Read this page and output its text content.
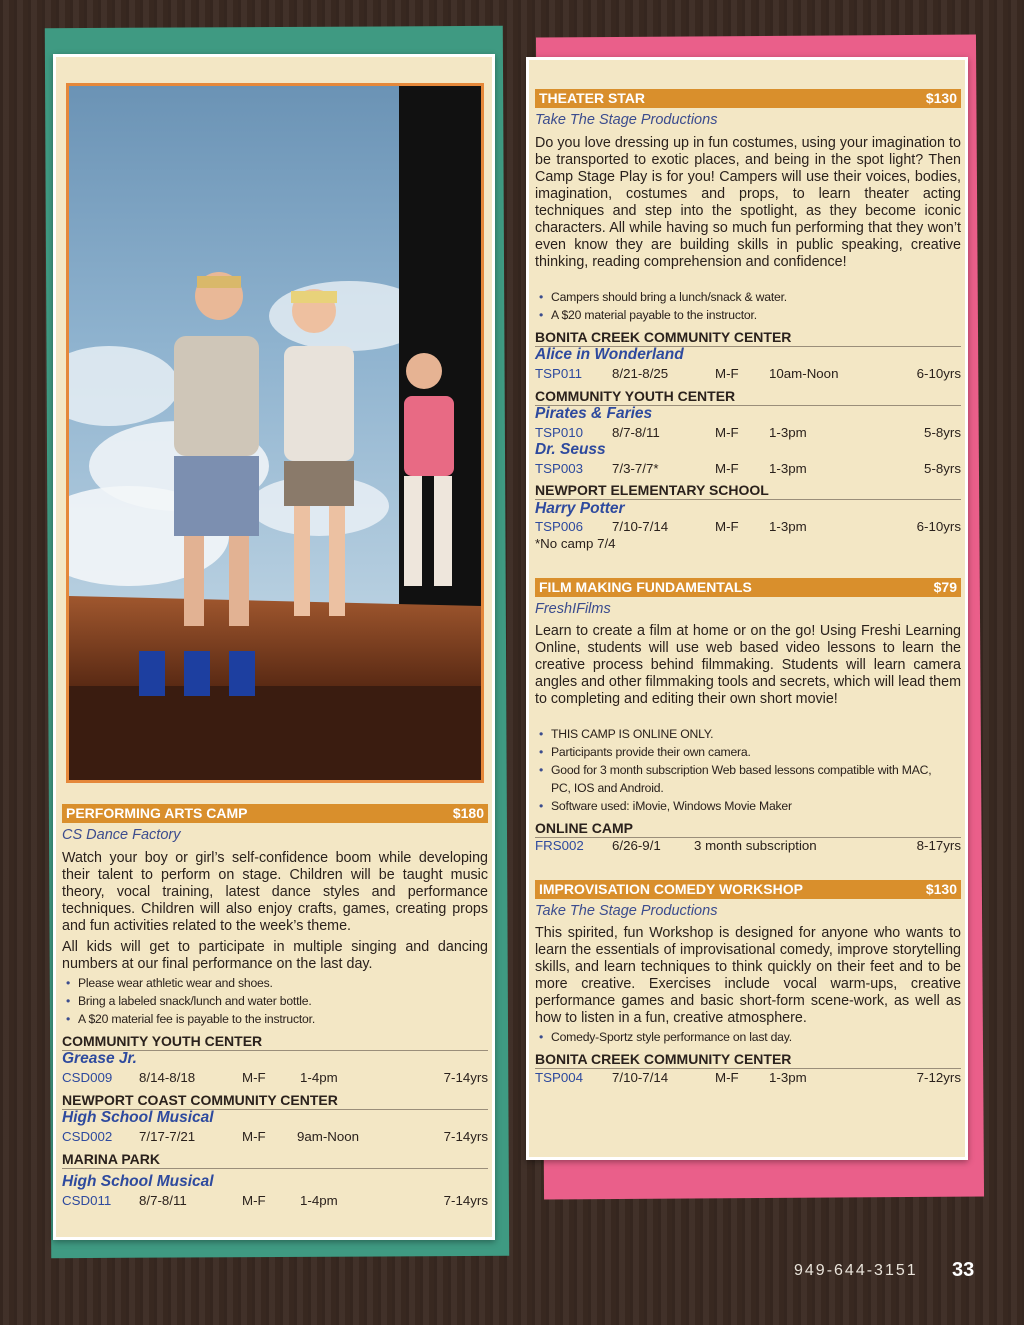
PERFORMING ARTS CAMP	$180
CS Dance Factory
Watch your boy or girl’s self-confidence boom while developing their talent to perform on stage. Children will be taught music theory, vocal training, latest dance styles and performance techniques. Children will also enjoy crafts, games, creating props and fun activities related to the week’s theme.
All kids will get to participate in multiple singing and dancing numbers at our final performance on the last day.
• Please wear athletic wear and shoes.
• Bring a labeled snack/lunch and water bottle.
• A $20 material fee is payable to the instructor.
COMMUNITY YOUTH CENTER
Grease Jr.
CSD009 8/14-8/18	M-F	1-4pm	7-14yrs
NEWPORT COAST COMMUNITY CENTER
High School Musical
CSD002 7/17-7/21	M-F 9am-Noon	7-14yrs
MARINA PARK
High School Musical
CSD011 8/7-8/11	M-F	1-4pm	7-14yrs
THEATER STAR	$130
Take The Stage Productions
Do you love dressing up in fun costumes, using your imagination to be transported to exotic places, and being in the spot light? Then Camp Stage Play is for you! Campers will use their voices, bodies, imagination, costumes and props, to learn theater acting techniques and step into the spotlight, as they become iconic characters. All while having so much fun performing that they won’t even know they are building skills in public speaking, creative thinking, reading comprehension and confidence!
• Campers should bring a lunch/snack & water.
• A $20 material payable to the instructor.
BONITA CREEK COMMUNITY CENTER
Alice in Wonderland
TSP011 8/21-8/25	M-F 10am-Noon	6-10yrs
COMMUNITY YOUTH CENTER
Pirates & Faries
TSP010 8/7-8/11	M-F 1-3pm	5-8yrs
Dr. Seuss
TSP003 7/3-7/7*	M-F 1-3pm	5-8yrs
NEWPORT ELEMENTARY SCHOOL
Harry Potter
TSP006 7/10-7/14	M-F 1-3pm	6-10yrs
*No camp 7/4
FILM MAKING FUNDAMENTALS	$79
FreshIFilms
Learn to create a film at home or on the go! Using Freshi Learning Online, students will use web based video lessons to learn the creative process behind filmmaking. Students will learn camera angles and other filmmaking tools and secrets, which will lead them to completing and editing their own short movie!
• THIS CAMP IS ONLINE ONLY.
• Participants provide their own camera.
• Good for 3 month subscription Web based lessons compatible with MAC, PC, IOS and Android.
• Software used: iMovie, Windows Movie Maker
ONLINE CAMP
FRS002 6/26-9/1 3 month subscription	8-17yrs
IMPROVISATION COMEDY WORKSHOP	$130
Take The Stage Productions
This spirited, fun Workshop is designed for anyone who wants to learn the essentials of improvisational comedy, improve storytelling skills, and learn techniques to think quickly on their feet and to be more creative. Exercises include vocal warm-ups, creative performance games and basic short-form scene-work, as well as how to listen in a fun, creative atmosphere.
• Comedy-Sportz style performance on last day.
BONITA CREEK COMMUNITY CENTER
TSP004 7/10-7/14	M-F 1-3pm	7-12yrs
949-644-3151 33
